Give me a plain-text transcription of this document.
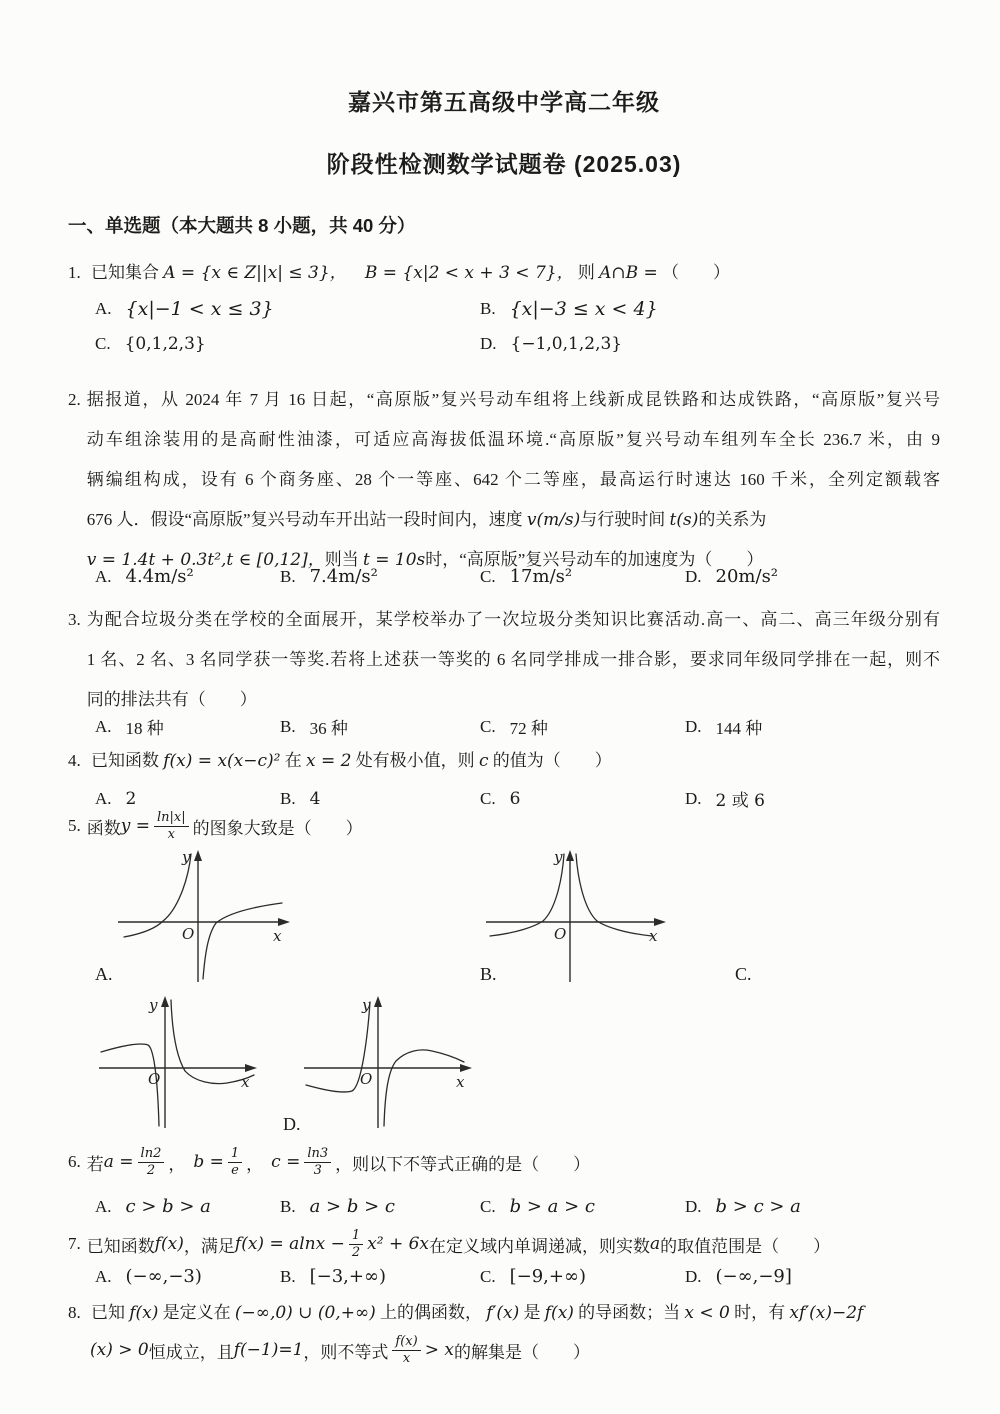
嘉兴市第五高级中学高二年级
阶段性检测数学试题卷 (2025.03)
一、单选题（本大题共 8 小题，共 40 分）
1. 已知集合 A = {x ∈ Z||x| ≤ 3}， B = {x|2 < x + 3 < 7}， 则 A∩B = （　　）
A. {x|−1 < x ≤ 3}	B. {x|−3 ≤ x < 4}
C. {0,1,2,3}	D. {−1,0,1,2,3}
2. 据报道，从 2024 年 7 月 16 日起，“高原版”复兴号动车组将上线新成昆铁路和达成铁路，“高原版”复兴号
动车组涂装用的是高耐性油漆，可适应高海拔低温环境.“高原版”复兴号动车组列车全长 236.7 米，由 9
辆编组构成，设有 6 个商务座、28 个一等座、642 个二等座，最高运行时速达 160 千米，全列定额载客
676 人．假设“高原版”复兴号动车开出站一段时间内，速度 v(m/s)与行驶时间 t(s)的关系为
v = 1.4t + 0.3t²,t ∈ [0,12]，则当 t = 10s时，“高原版”复兴号动车的加速度为（　　）
A. 4.4m/s²	B. 7.4m/s²	C. 17m/s²	D. 20m/s²
3. 为配合垃圾分类在学校的全面展开，某学校举办了一次垃圾分类知识比赛活动.高一、高二、高三年级分别有
1 名、2 名、3 名同学获一等奖.若将上述获一等奖的 6 名同学排成一排合影，要求同年级同学排在一起，则不
同的排法共有（　　）
A. 18 种	B. 36 种	C. 72 种	D. 144 种
4. 已知函数 f(x) = x(x−c)² 在 x = 2 处有极小值，则 c 的值为（　　）
A. 2	B. 4	C. 6	D. 2 或 6
5. 函数 $y = \frac{\ln|x|}{x}$ 的图象大致是（　　）
y
x
O
y
x
O
A.	B.	C.
y
x
O
y
x
O
D.
6. 若 $a = \frac{\ln 2}{2}$ ， $b = \frac{1}{e}$ ， $c = \frac{\ln 3}{3}$ ，则以下不等式正确的是（　　）
A. c > b > a	B. a > b > c	C. b > a > c	D. b > c > a
7. 已知函数 f(x) ，满足 $f(x) = alnx - \frac{1}{2} x^2 + 6x$ 在定义域内单调递减，则实数 a 的取值范围是（　　）
A. (−∞,−3)	B. [−3,+∞)	C. [−9,+∞)	D. (−∞,−9]
8. 已知 f(x) 是定义在 (−∞,0) ∪ (0,+∞) 上的偶函数， f′(x) 是 f(x) 的导函数；当 x < 0 时，有 xf′(x)−2f
(x) > 0 恒成立，且 f(−1)=1 ，则不等式 $\frac{f(x)}{x} > x$ 的解集是（　　）
